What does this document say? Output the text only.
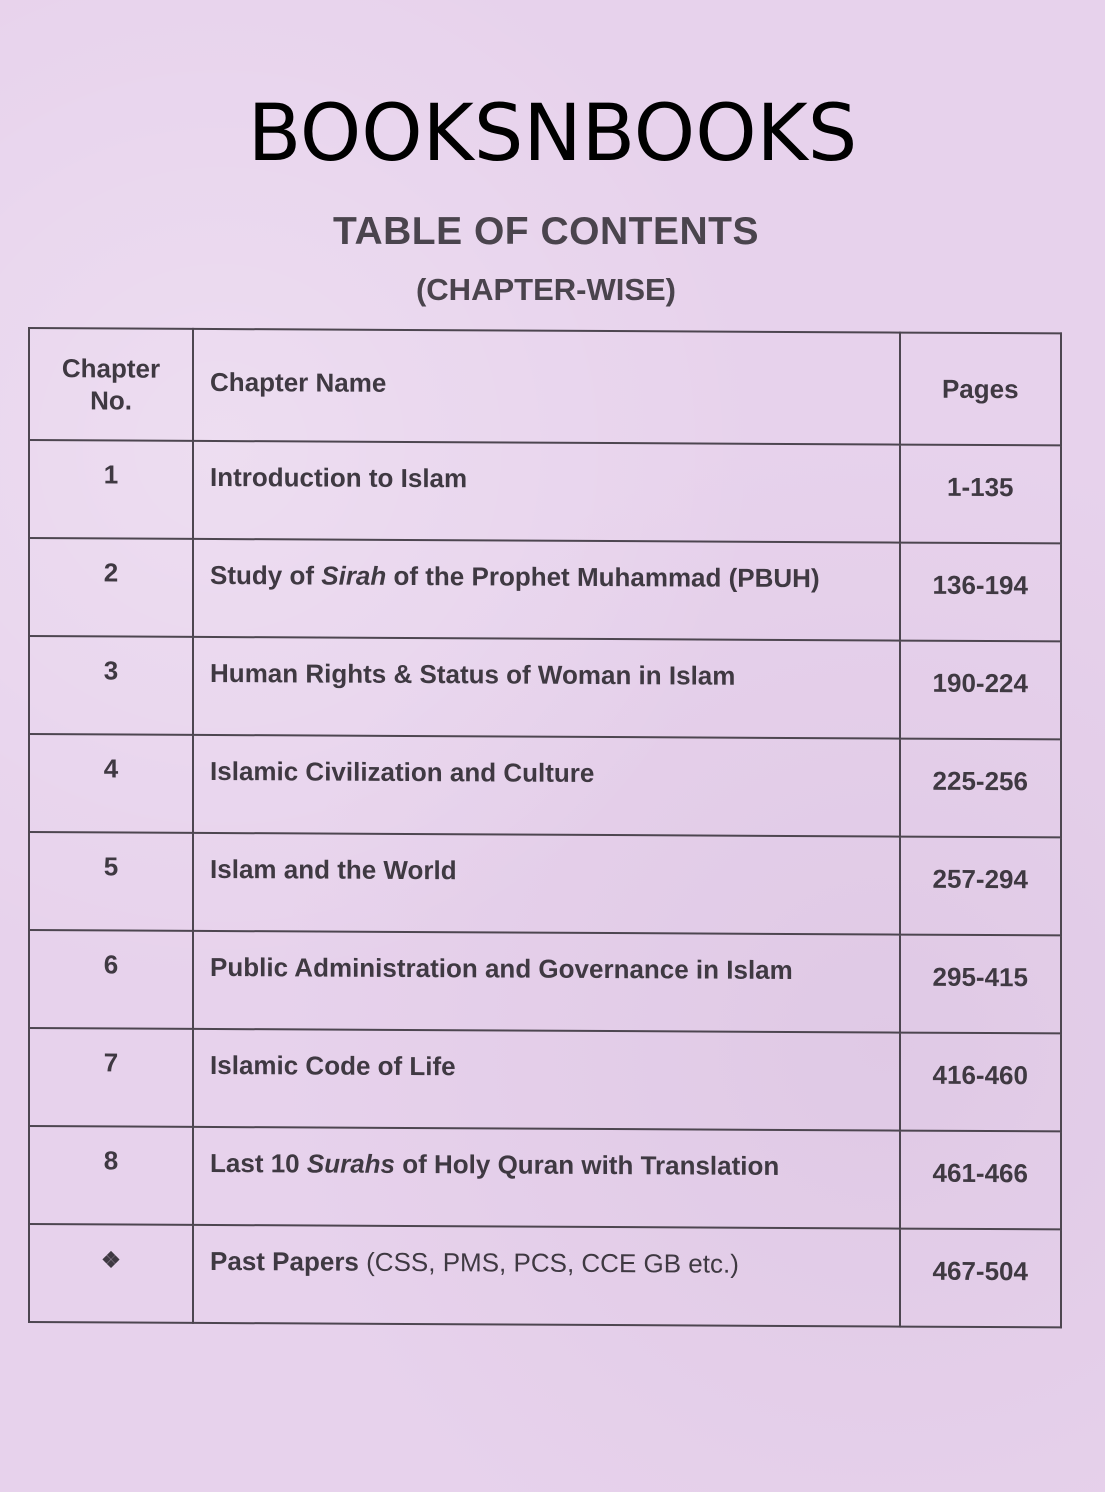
BOOKSNBOOKS
TABLE OF CONTENTS
(CHAPTER-WISE)
Chapter
No.	Chapter Name	Pages
1	Introduction to Islam	1-135
2	Study of Sirah of the Prophet Muhammad (PBUH)	136-194
3	Human Rights & Status of Woman in Islam	190-224
4	Islamic Civilization and Culture	225-256
5	Islam and the World	257-294
6	Public Administration and Governance in Islam	295-415
7	Islamic Code of Life	416-460
8	Last 10 Surahs of Holy Quran with Translation	461-466
❖	Past Papers (CSS, PMS, PCS, CCE GB etc.)	467-504
